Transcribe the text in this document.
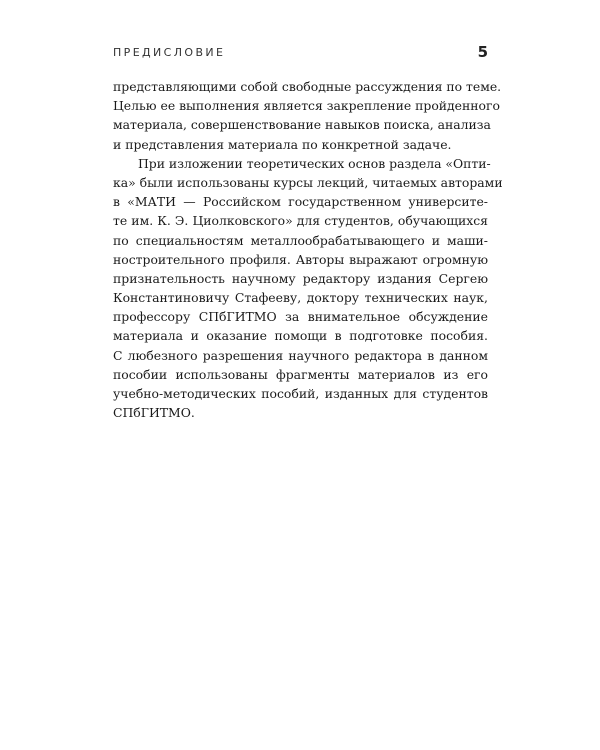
ПРЕДИСЛОВИЕ	5
представляющими собой свободные рассуждения по теме.
Целью ее выполнения является закрепление пройденного
материала, совершенствование навыков поиска, анализа
и представления материала по конкретной задаче.
При изложении теоретических основ раздела «Опти-
ка» были использованы курсы лекций, читаемых авторами
в «МАТИ — Российском государственном университе-
те им. К. Э. Циолковского» для студентов, обучающихся
по специальностям металлообрабатывающего и маши-
ностроительного профиля. Авторы выражают огромную
признательность научному редактору издания Сергею
Константиновичу Стафееву, доктору технических наук,
профессору СПбГИТМО за внимательное обсуждение
материала и оказание помощи в подготовке пособия.
С любезного разрешения научного редактора в данном
пособии использованы фрагменты материалов из его
учебно-методических пособий, изданных для студентов
СПбГИТМО.
